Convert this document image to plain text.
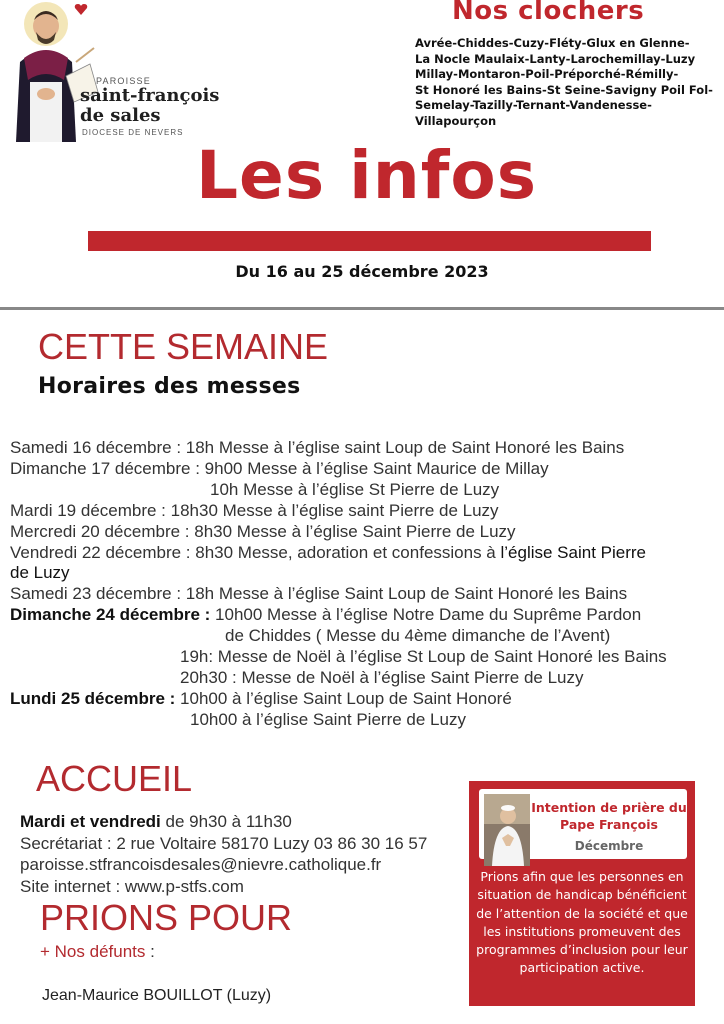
PAROISSE
saint-françois
de sales
DIOCESE DE NEVERS
Nos clochers
Avrée-Chiddes-Cuzy-Fléty-Glux en Glenne-
La Nocle Maulaix-Lanty-Larochemillay-Luzy
Millay-Montaron-Poil-Préporché-Rémilly-
St Honoré les Bains-St Seine-Savigny Poil Fol-
Semelay-Tazilly-Ternant-Vandenesse-
Villapourçon
Les infos
Du 16 au 25 décembre 2023
CETTE SEMAINE
Horaires des messes
Samedi 16 décembre : 18h Messe à l’église saint Loup de Saint Honoré les Bains
Dimanche 17 décembre : 9h00 Messe à l’église Saint Maurice de Millay
10h Messe à l’église St Pierre de Luzy
Mardi 19 décembre : 18h30 Messe à l’église saint Pierre de Luzy
Mercredi 20 décembre : 8h30 Messe à l’église Saint Pierre de Luzy
Vendredi 22 décembre : 8h30 Messe, adoration et confessions à l’église Saint Pierre
de Luzy
Samedi 23 décembre : 18h Messe à l’église Saint Loup de Saint Honoré les Bains
Dimanche 24 décembre : 10h00 Messe à l’église Notre Dame du Suprême Pardon
de Chiddes ( Messe du 4ème dimanche de l’Avent)
19h: Messe de Noël à l’église St Loup de Saint Honoré les Bains
20h30 : Messe de Noël à l’église Saint Pierre de Luzy
Lundi 25 décembre : 10h00 à l’église Saint Loup de Saint Honoré
10h00 à l’église Saint Pierre de Luzy
ACCUEIL
Mardi et vendredi de 9h30 à 11h30
Secrétariat : 2 rue Voltaire 58170 Luzy 03 86 30 16 57
paroisse.stfrancoisdesales@nievre.catholique.fr
Site internet : www.p-stfs.com
PRIONS POUR
+ Nos défunts :
Jean-Maurice BOUILLOT (Luzy)
Intention de prière du Pape François
Décembre
Prions afin que les personnes en situation de handicap bénéficient de l’attention de la société et que les institutions promeuvent des programmes d’inclusion pour leur participation active.
